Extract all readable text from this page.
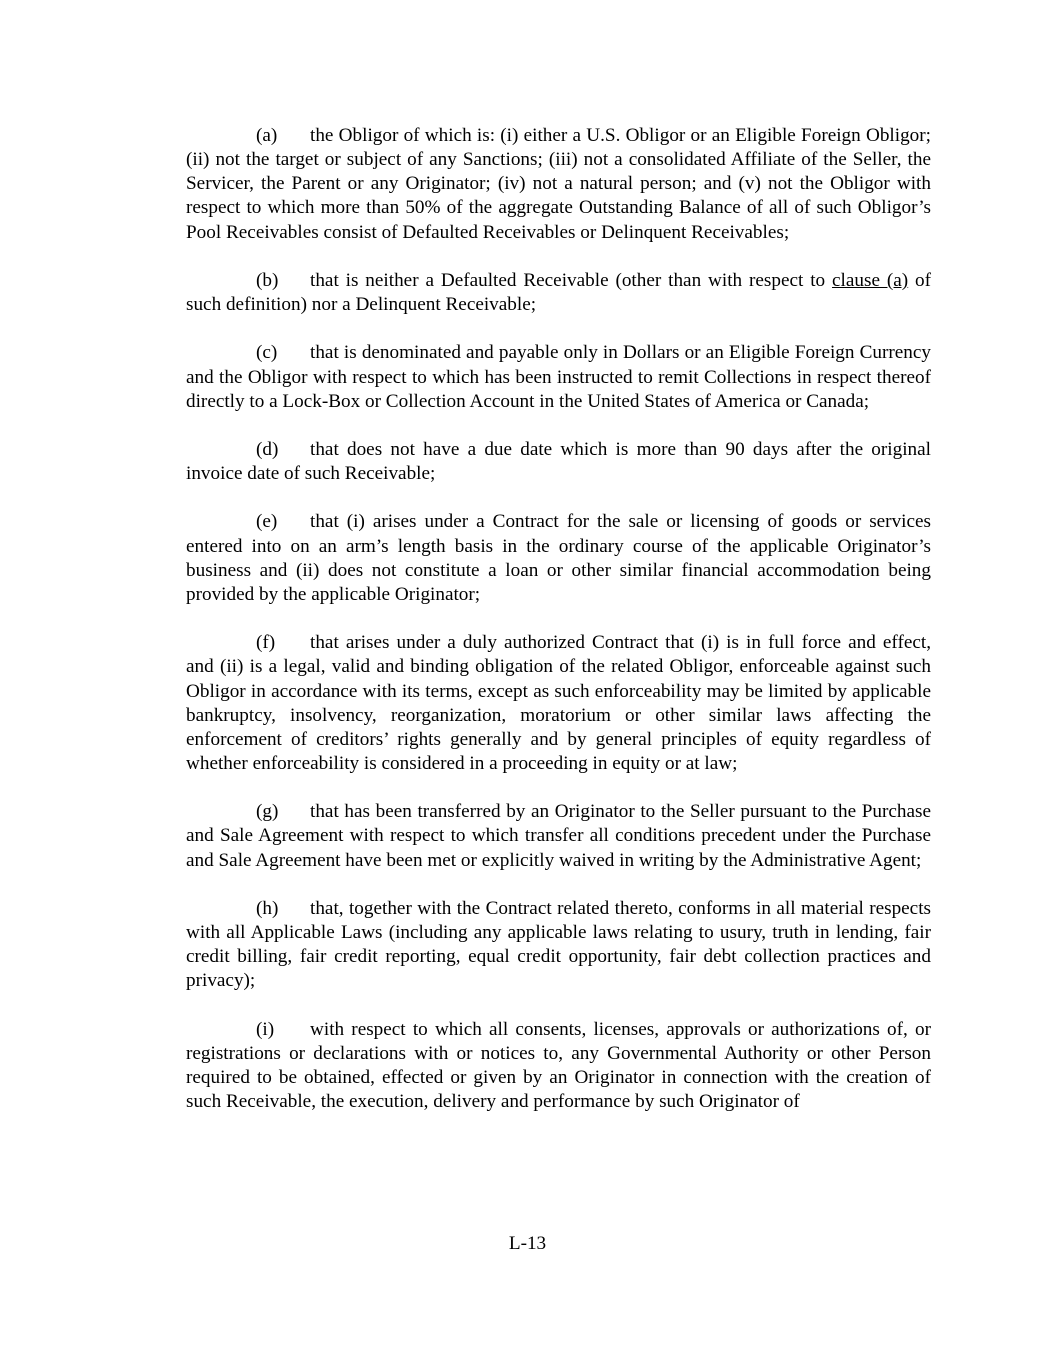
(a) the Obligor of which is: (i) either a U.S. Obligor or an Eligible Foreign Obligor; (ii) not the target or subject of any Sanctions; (iii) not a consolidated Affiliate of the Seller, the Servicer, the Parent or any Originator; (iv) not a natural person; and (v) not the Obligor with respect to which more than 50% of the aggregate Outstanding Balance of all of such Obligor’s Pool Receivables consist of Defaulted Receivables or Delinquent Receivables;

(b) that is neither a Defaulted Receivable (other than with respect to clause (a) of such definition) nor a Delinquent Receivable;

(c) that is denominated and payable only in Dollars or an Eligible Foreign Currency and the Obligor with respect to which has been instructed to remit Collections in respect thereof directly to a Lock-Box or Collection Account in the United States of America or Canada;

(d) that does not have a due date which is more than 90 days after the original invoice date of such Receivable;

(e) that (i) arises under a Contract for the sale or licensing of goods or services entered into on an arm’s length basis in the ordinary course of the applicable Originator’s business and (ii) does not constitute a loan or other similar financial accommodation being provided by the applicable Originator;

(f) that arises under a duly authorized Contract that (i) is in full force and effect, and (ii) is a legal, valid and binding obligation of the related Obligor, enforceable against such Obligor in accordance with its terms, except as such enforceability may be limited by applicable bankruptcy, insolvency, reorganization, moratorium or other similar laws affecting the enforcement of creditors’ rights generally and by general principles of equity regardless of whether enforceability is considered in a proceeding in equity or at law;

(g) that has been transferred by an Originator to the Seller pursuant to the Purchase and Sale Agreement with respect to which transfer all conditions precedent under the Purchase and Sale Agreement have been met or explicitly waived in writing by the Administrative Agent;

(h) that, together with the Contract related thereto, conforms in all material respects with all Applicable Laws (including any applicable laws relating to usury, truth in lending, fair credit billing, fair credit reporting, equal credit opportunity, fair debt collection practices and privacy);

(i) with respect to which all consents, licenses, approvals or authorizations of, or registrations or declarations with or notices to, any Governmental Authority or other Person required to be obtained, effected or given by an Originator in connection with the creation of such Receivable, the execution, delivery and performance by such Originator of

L-13
